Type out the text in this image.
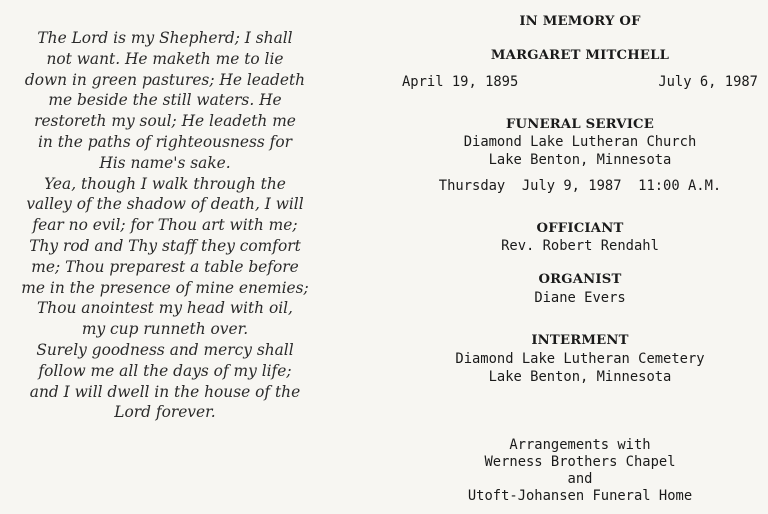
The Lord is my Shepherd; I shall
not want. He maketh me to lie
down in green pastures; He leadeth
me beside the still waters. He
restoreth my soul; He leadeth me
in the paths of righteousness for
His name's sake.
Yea, though I walk through the
valley of the shadow of death, I will
fear no evil; for Thou art with me;
Thy rod and Thy staff they comfort
me; Thou preparest a table before
me in the presence of mine enemies;
Thou anointest my head with oil,
my cup runneth over.
Surely goodness and mercy shall
follow me all the days of my life;
and I will dwell in the house of the
Lord forever.
IN MEMORY OF
MARGARET MITCHELL
April 19, 1895	July 6, 1987
FUNERAL SERVICE
Diamond Lake Lutheran Church
Lake Benton, Minnesota
Thursday  July 9, 1987  11:00 A.M.
OFFICIANT
Rev. Robert Rendahl
ORGANIST
Diane Evers
INTERMENT
Diamond Lake Lutheran Cemetery
Lake Benton, Minnesota
Arrangements with
Werness Brothers Chapel
and
Utoft-Johansen Funeral Home
